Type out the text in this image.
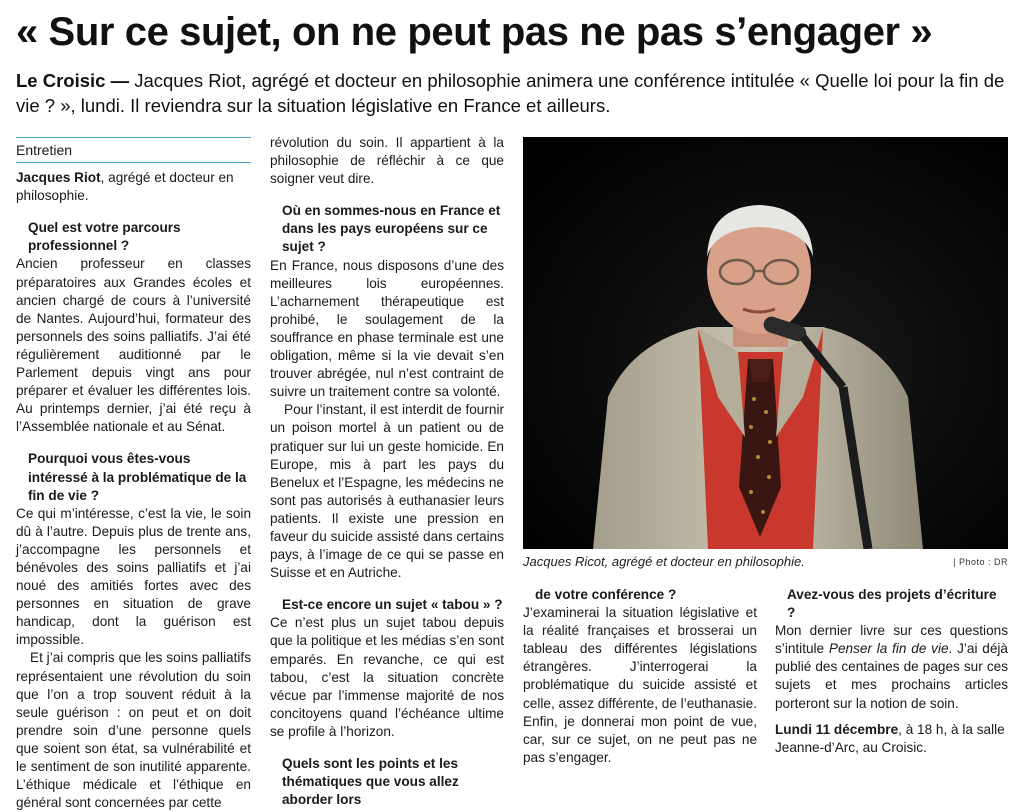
« Sur ce sujet, on ne peut pas ne pas s’engager »
Le Croisic — Jacques Riot, agrégé et docteur en philosophie animera une conférence intitulée « Quelle loi pour la fin de vie ? », lundi. Il reviendra sur la situation législative en France et ailleurs.
Entretien

Jacques Riot, agrégé et docteur en philosophie.

Quel est votre parcours professionnel ?

Ancien professeur en classes préparatoires aux Grandes écoles et ancien chargé de cours à l’université de Nantes. Aujourd’hui, formateur des personnels des soins palliatifs. J’ai été régulièrement auditionné par le Parlement depuis vingt ans pour préparer et évaluer les différentes lois. Au printemps dernier, j’ai été reçu à l’Assemblée nationale et au Sénat.

Pourquoi vous êtes-vous intéressé à la problématique de la fin de vie ?

Ce qui m’intéresse, c’est la vie, le soin dû à l’autre. Depuis plus de trente ans, j’accompagne les personnels et bénévoles des soins palliatifs et j’ai noué des amitiés fortes avec des personnes en situation de grave handicap, dont la guérison est impossible.

Et j’ai compris que les soins palliatifs représentaient une révolution du soin que l’on a trop souvent réduit à la seule guérison : on peut et on doit prendre soin d’une personne quels que soient son état, sa vulnérabilité et le sentiment de son inutilité apparente. L’éthique médicale et l’éthique en général sont concernées par cette

révolution du soin. Il appartient à la philosophie de réfléchir à ce que soigner veut dire.

Où en sommes-nous en France et dans les pays européens sur ce sujet ?

En France, nous disposons d’une des meilleures lois européennes. L’acharnement thérapeutique est prohibé, le soulagement de la souffrance en phase terminale est une obligation, même si la vie devait s’en trouver abrégée, nul n’est contraint de suivre un traitement contre sa volonté.

Pour l’instant, il est interdit de fournir un poison mortel à un patient ou de pratiquer sur lui un geste homicide. En Europe, mis à part les pays du Benelux et l’Espagne, les médecins ne sont pas autorisés à euthanasier leurs patients. Il existe une pression en faveur du suicide assisté dans certains pays, à l’image de ce qui se passe en Suisse et en Autriche.

Est-ce encore un sujet « tabou » ?

Ce n’est plus un sujet tabou depuis que la politique et les médias s’en sont emparés. En revanche, ce qui est tabou, c’est la situation concrète vécue par l’immense majorité de nos concitoyens quand l’échéance ultime se profile à l’horizon.

Quels sont les points et les thématiques que vous allez aborder lors
Jacques Ricot, agrégé et docteur en philosophie.	| Photo : DR
de votre conférence ?

J’examinerai la situation législative et la réalité françaises et brosserai un tableau des différentes législations étrangères. J’interrogerai la problématique du suicide assisté et celle, assez différente, de l’euthanasie. Enfin, je donnerai mon point de vue, car, sur ce sujet, on ne peut pas ne pas s’engager.

Avez-vous des projets d’écriture ?

Mon dernier livre sur ces questions s’intitule Penser la fin de vie. J’ai déjà publié des centaines de pages sur ces sujets et mes prochains articles porteront sur la notion de soin.

Lundi 11 décembre, à 18 h, à la salle Jeanne-d’Arc, au Croisic.
